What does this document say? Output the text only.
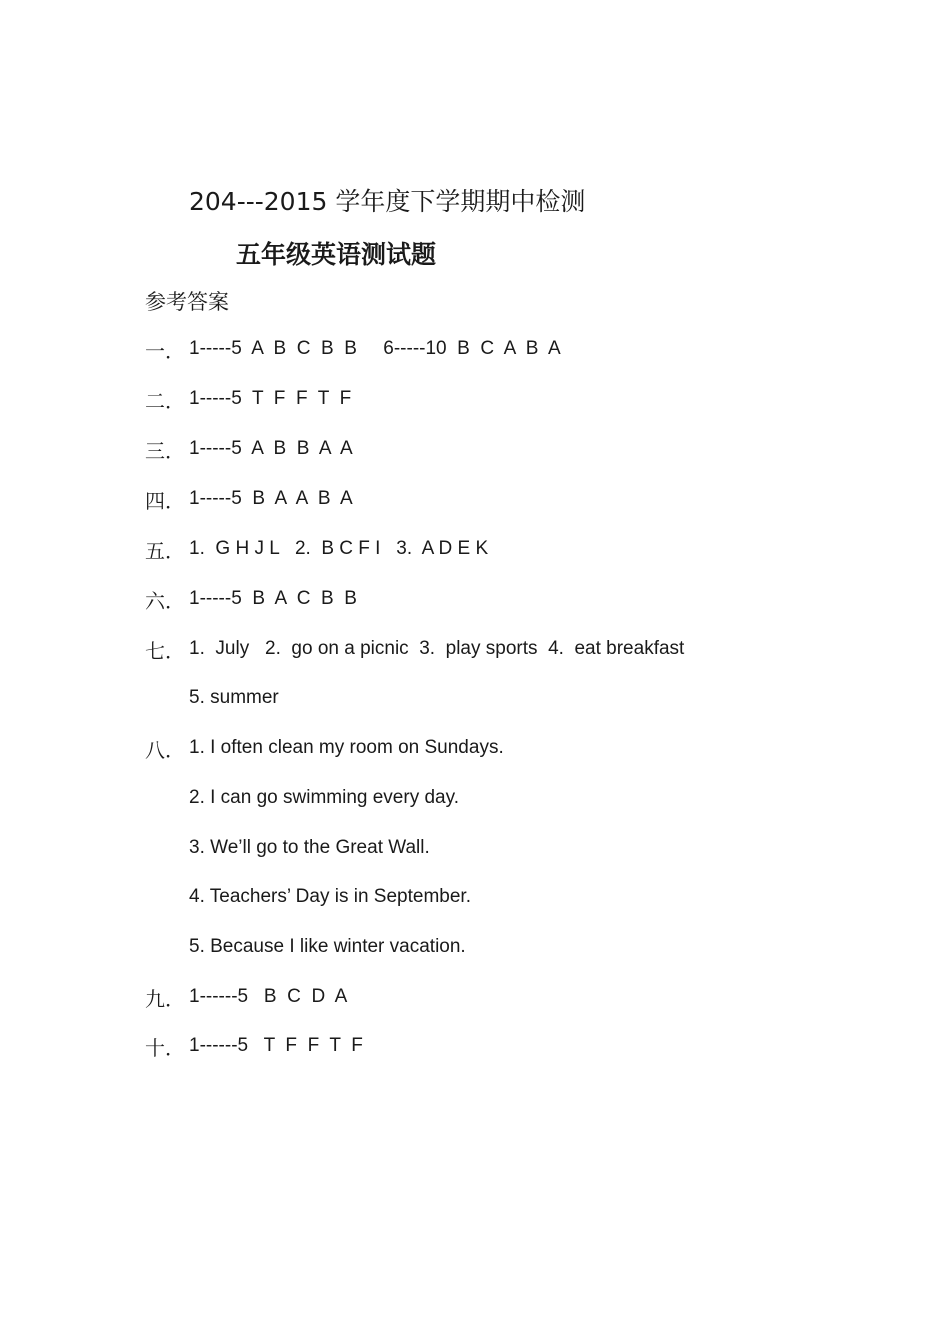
204---2015 学年度下学期期中检测
五年级英语测试题
参考答案
一． 1-----5  A  B  C  B  B     6-----10  B  C  A  B  A
二． 1-----5  T  F  F  T  F
三． 1-----5  A  B  B  A  A
四． 1-----5  B  A  A  B  A
五． 1.  G H J L   2.  B C F I   3.  A D E K
六． 1-----5  B  A  C  B  B
七． 1.  July   2.  go on a picnic  3.  play sports  4.  eat breakfast
5. summer
八． 1. I often clean my room on Sundays.
2. I can go swimming every day.
3. We’ll go to the Great Wall.
4. Teachers’ Day is in September.
5. Because I like winter vacation.
九． 1------5   B  C  D  A
十． 1------5   T  F  F  T  F
